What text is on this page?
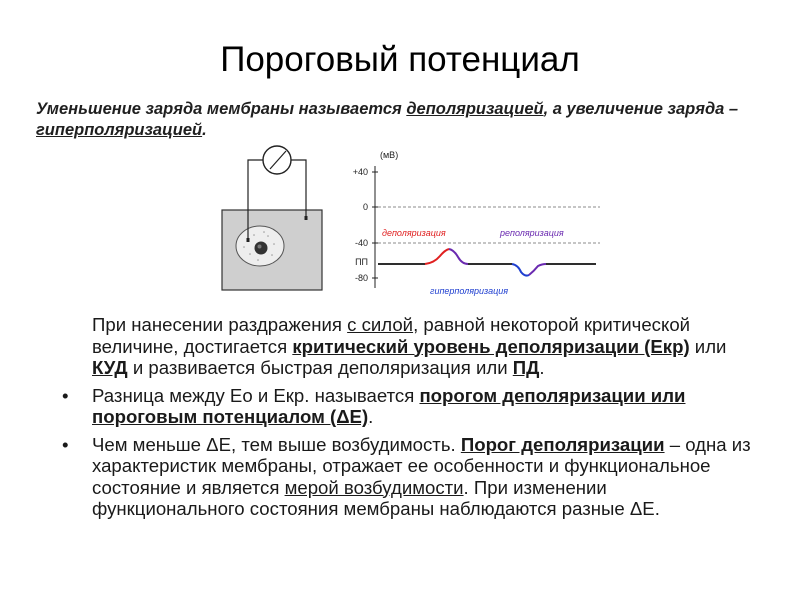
Пороговый потенциал
Уменьшение заряда мембраны называется деполяризацией, а увеличение заряда – гиперполяризацией.
(мВ)
+40
0
-40
ПП
-80
деполяризация	реполяризация
гиперполяризация
При нанесении раздражения с силой, равной некоторой критической величине, достигается критический уровень деполяризации (Екр) или КУД и развивается быстрая деполяризация или ПД.
• Разница между Ео и Екр. называется порогом деполяризации или пороговым потенциалом (ΔЕ).
• Чем меньше ΔЕ, тем выше возбудимость. Порог деполяризации – одна из характеристик мембраны, отражает ее особенности и функциональное состояние и является мерой возбудимости. При изменении функционального состояния мембраны наблюдаются разные ΔЕ.
